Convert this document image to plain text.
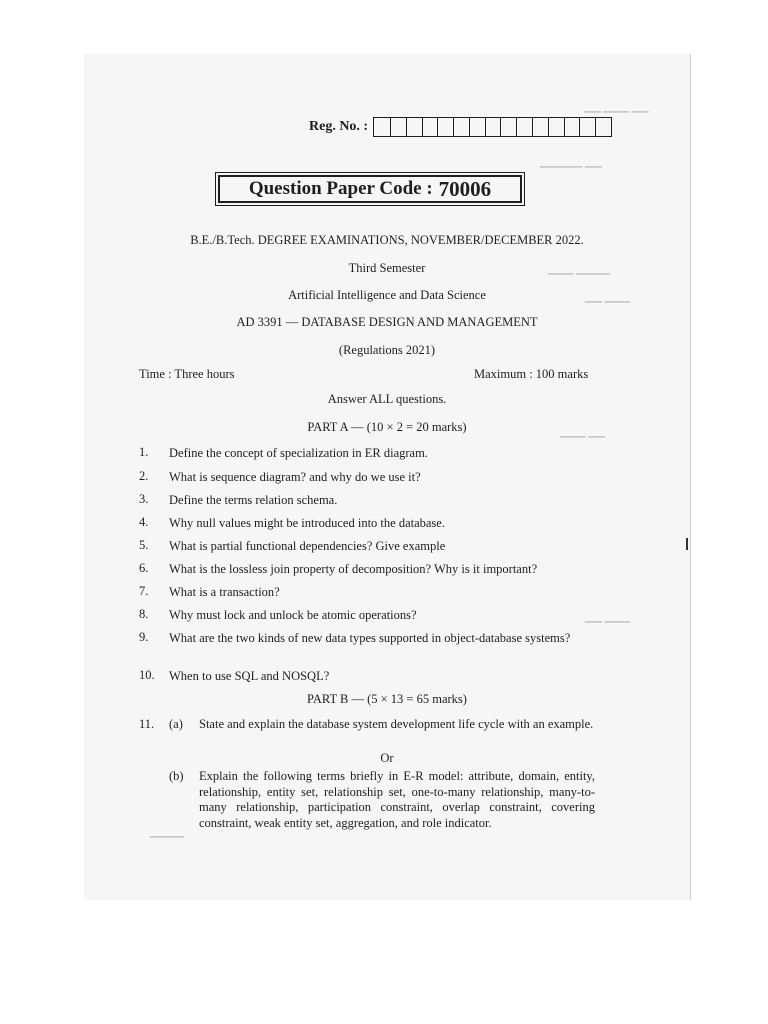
▁▁ ▁▁▁ ▁▁
▁▁▁▁▁ ▁▁
▁▁▁ ▁▁▁▁
▁▁ ▁▁▁
▁▁▁ ▁▁
▁▁ ▁▁▁
▁▁▁▁
Reg. No. :
Question Paper Code : 70006
B.E./B.Tech. DEGREE EXAMINATIONS, NOVEMBER/DECEMBER 2022.
Third Semester
Artificial Intelligence and Data Science
AD 3391 — DATABASE DESIGN AND MANAGEMENT
(Regulations 2021)
Time : Three hours	Maximum : 100 marks
Answer ALL questions.
PART A — (10 × 2 = 20 marks)
1. Define the concept of specialization in ER diagram.
2. What is sequence diagram? and why do we use it?
3. Define the terms relation schema.
4. Why null values might be introduced into the database.
5. What is partial functional dependencies? Give example
6. What is the lossless join property of decomposition? Why is it important?
7. What is a transaction?
8. Why must lock and unlock be atomic operations?
9. What are the two kinds of new data types supported in object-database systems?
10. When to use SQL and NOSQL?
PART B — (5 × 13 = 65 marks)
11. (a) State and explain the database system development life cycle with an example.
Or
(b) Explain the following terms briefly in E-R model: attribute, domain, entity, relationship, entity set, relationship set, one-to-many relationship, many-to-many relationship, participation constraint, overlap constraint, covering constraint, weak entity set, aggregation, and role indicator.
